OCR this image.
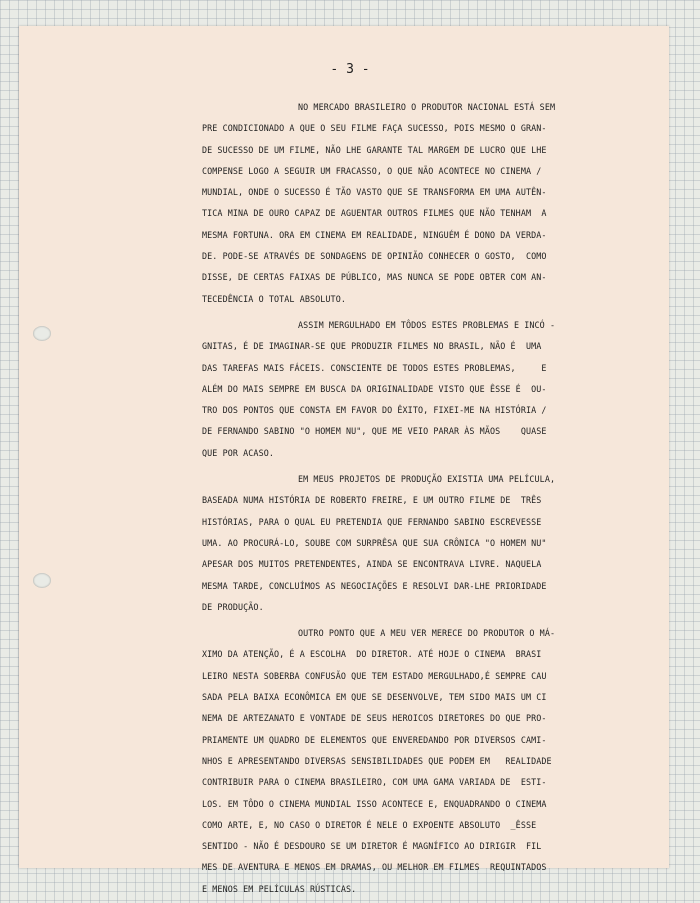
- 3 -
NO MERCADO BRASILEIRO O PRODUTOR NACIONAL ESTÁ SEM
PRE CONDICIONADO A QUE O SEU FILME FAÇA SUCESSO, POIS MESMO O GRAN-
DE SUCESSO DE UM FILME, NÃO LHE GARANTE TAL MARGEM DE LUCRO QUE LHE
COMPENSE LOGO A SEGUIR UM FRACASSO, O QUE NÃO ACONTECE NO CINEMA /
MUNDIAL, ONDE O SUCESSO É TÃO VASTO QUE SE TRANSFORMA EM UMA AUTÊN-
TICA MINA DE OURO CAPAZ DE AGUENTAR OUTROS FILMES QUE NÃO TENHAM  A
MESMA FORTUNA. ORA EM CINEMA EM REALIDADE, NINGUÉM É DONO DA VERDA-
DE. PODE-SE ATRAVÉS DE SONDAGENS DE OPINIÃO CONHECER O GOSTO,  COMO
DISSE, DE CERTAS FAIXAS DE PÚBLICO, MAS NUNCA SE PODE OBTER COM AN-
TECEDÊNCIA O TOTAL ABSOLUTO.
ASSIM MERGULHADO EM TÔDOS ESTES PROBLEMAS E INCÓ -
GNITAS, É DE IMAGINAR-SE QUE PRODUZIR FILMES NO BRASIL, NÃO É  UMA
DAS TAREFAS MAIS FÁCEIS. CONSCIENTE DE TODOS ESTES PROBLEMAS,     E
ALÉM DO MAIS SEMPRE EM BUSCA DA ORIGINALIDADE VISTO QUE ÊSSE É  OU-
TRO DOS PONTOS QUE CONSTA EM FAVOR DO ÊXITO, FIXEI-ME NA HISTÓRIA /
DE FERNANDO SABINO "O HOMEM NU", QUE ME VEIO PARAR ÀS MÃOS    QUASE
QUE POR ACASO.
EM MEUS PROJETOS DE PRODUÇÃO EXISTIA UMA PELÍCULA,
BASEADA NUMA HISTÓRIA DE ROBERTO FREIRE, E UM OUTRO FILME DE  TRÊS
HISTÓRIAS, PARA O QUAL EU PRETENDIA QUE FERNANDO SABINO ESCREVESSE
UMA. AO PROCURÁ-LO, SOUBE COM SURPRÊSA QUE SUA CRÔNICA "O HOMEM NU"
APESAR DOS MUITOS PRETENDENTES, AINDA SE ENCONTRAVA LIVRE. NAQUELA
MESMA TARDE, CONCLUÍMOS AS NEGOCIAÇÕES E RESOLVI DAR-LHE PRIORIDADE
DE PRODUÇÃO.
OUTRO PONTO QUE A MEU VER MERECE DO PRODUTOR O MÁ-
XIMO DA ATENÇÃO, É A ESCOLHA  DO DIRETOR. ATÉ HOJE O CINEMA  BRASI
LEIRO NESTA SOBERBA CONFUSÃO QUE TEM ESTADO MERGULHADO,É SEMPRE CAU
SADA PELA BAIXA ECONÔMICA EM QUE SE DESENVOLVE, TEM SIDO MAIS UM CI
NEMA DE ARTEZANATO E VONTADE DE SEUS HEROICOS DIRETORES DO QUE PRO-
PRIAMENTE UM QUADRO DE ELEMENTOS QUE ENVEREDANDO POR DIVERSOS CAMI-
NHOS E APRESENTANDO DIVERSAS SENSIBILIDADES QUE PODEM EM   REALIDADE
CONTRIBUIR PARA O CINEMA BRASILEIRO, COM UMA GAMA VARIADA DE  ESTI-
LOS. EM TÔDO O CINEMA MUNDIAL ISSO ACONTECE E, ENQUADRANDO O CINEMA
COMO ARTE, E, NO CASO O DIRETOR É NELE O EXPOENTE ABSOLUTO  _ÊSSE
SENTIDO - NÃO É DESDOURO SE UM DIRETOR É MAGNÍFICO AO DIRIGIR  FIL
MES DE AVENTURA E MENOS EM DRAMAS, OU MELHOR EM FILMES  REQUINTADOS
E MENOS EM PELÍCULAS RÚSTICAS.
